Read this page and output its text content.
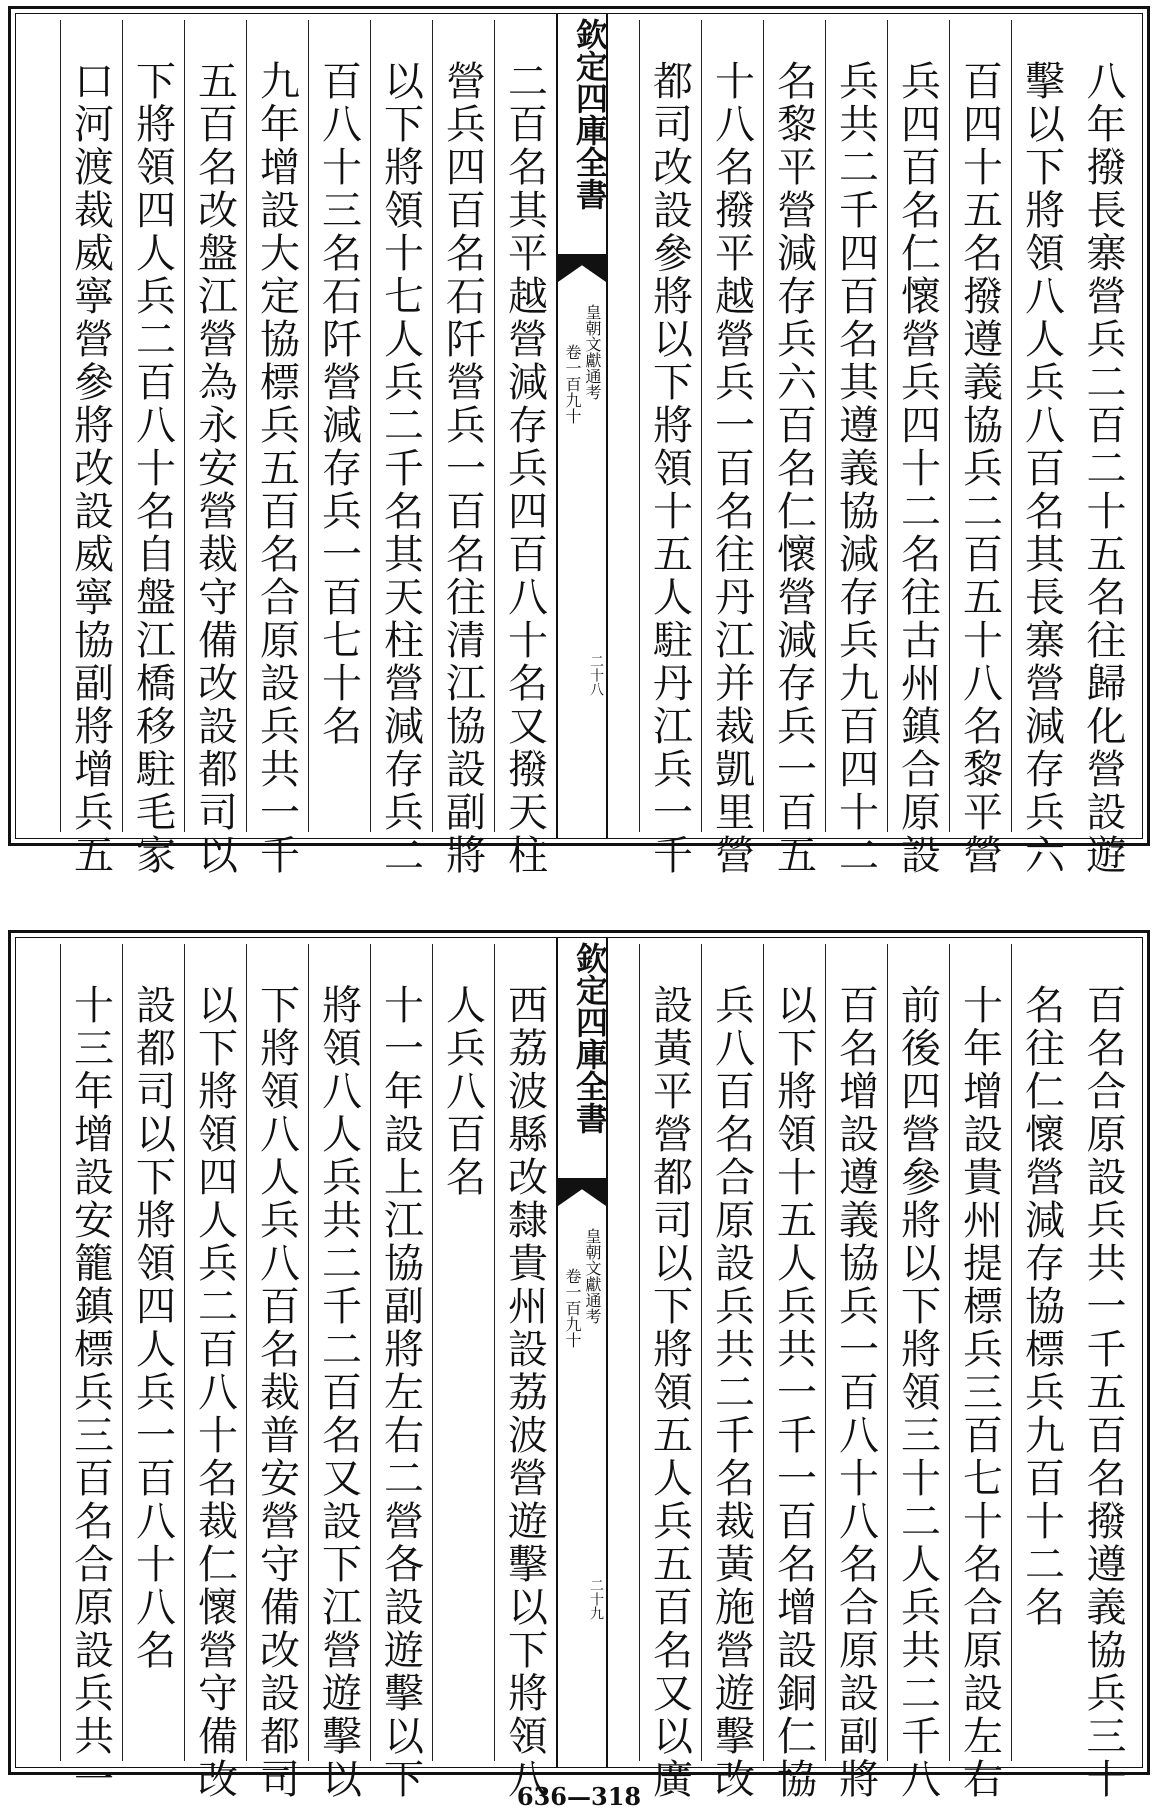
八年撥長寨營兵二百二十五名往歸化營設遊
擊以下將領八人兵八百名其長寨營減存兵六
百四十五名撥遵義協兵二百五十八名黎平營
兵四百名仁懷營兵四十二名往古州鎮合原設
兵共二千四百名其遵義協減存兵九百四十二
名黎平營減存兵六百名仁懷營減存兵一百五
十八名撥平越營兵一百名往丹江并裁凱里營
都司改設參將以下將領十五人駐丹江兵一千
欽定四庫全書
皇朝文獻通考
卷一百九十
二十八
二百名其平越營減存兵四百八十名又撥天柱
營兵四百名石阡營兵一百名往清江協設副將
以下將領十七人兵二千名其天柱營減存兵二
百八十三名石阡營減存兵一百七十名
九年增設大定協標兵五百名合原設兵共一千
五百名改盤江營為永安營裁守備改設都司以
下將領四人兵二百八十名自盤江橋移駐毛家
口河渡裁威寧營參將改設威寧協副將增兵五
百名合原設兵共一千五百名撥遵義協兵三十
名往仁懷營減存協標兵九百十二名
十年增設貴州提標兵三百七十名合原設左右
前後四營參將以下將領三十二人兵共二千八
百名增設遵義協兵一百八十八名合原設副將
以下將領十五人兵共一千一百名增設銅仁協
兵八百名合原設兵共二千名裁黃施營遊擊改
設黃平營都司以下將領五人兵五百名又以廣
欽定四庫全書
皇朝文獻通考
卷一百九十
二十九
西荔波縣改隸貴州設荔波營遊擊以下將領八
人兵八百名
十一年設上江協副將左右二營各設遊擊以下
將領八人兵共二千二百名又設下江營遊擊以
下將領八人兵八百名裁普安營守備改設都司
以下將領四人兵二百八十名裁仁懷營守備改
設都司以下將領四人兵一百八十八名
十三年增設安籠鎮標兵三百名合原設兵共一	636—318
